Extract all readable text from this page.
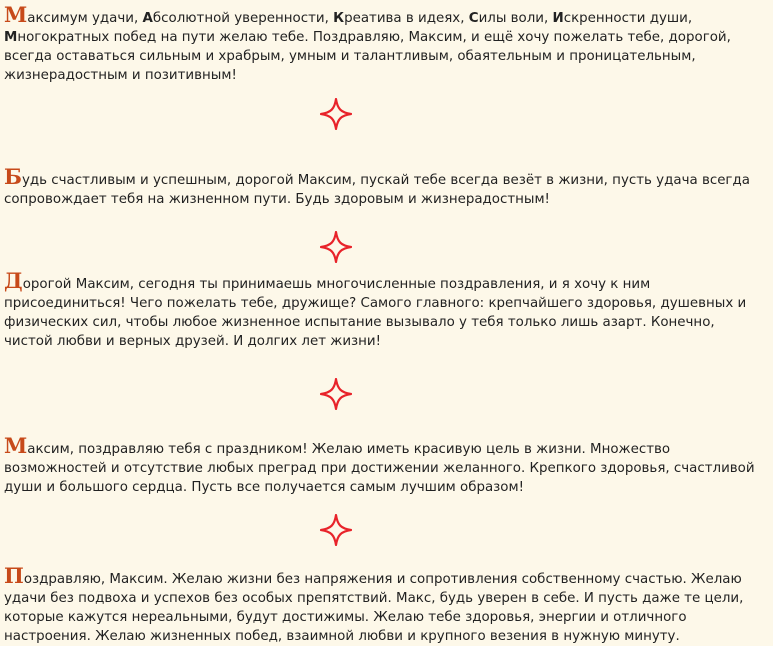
Максимум удачи, Абсолютной уверенности, Креатива в идеях, Силы воли, Искренности души, Многократных побед на пути желаю тебе. Поздравляю, Максим, и ещё хочу пожелать тебе, дорогой, всегда оставаться сильным и храбрым, умным и талантливым, обаятельным и проницательным, жизнерадостным и позитивным!

Будь счастливым и успешным, дорогой Максим, пускай тебе всегда везёт в жизни, пусть удача всегда сопровождает тебя на жизненном пути. Будь здоровым и жизнерадостным!

Дорогой Максим, сегодня ты принимаешь многочисленные поздравления, и я хочу к ним присоединиться! Чего пожелать тебе, дружище? Самого главного: крепчайшего здоровья, душевных и физических сил, чтобы любое жизненное испытание вызывало у тебя только лишь азарт. Конечно, чистой любви и верных друзей. И долгих лет жизни!

Максим, поздравляю тебя с праздником! Желаю иметь красивую цель в жизни. Множество возможностей и отсутствие любых преград при достижении желанного. Крепкого здоровья, счастливой души и большого сердца. Пусть все получается самым лучшим образом!

Поздравляю, Максим. Желаю жизни без напряжения и сопротивления собственному счастью. Желаю удачи без подвоха и успехов без особых препятствий. Макс, будь уверен в себе. И пусть даже те цели, которые кажутся нереальными, будут достижимы. Желаю тебе здоровья, энергии и отличного настроения. Желаю жизненных побед, взаимной любви и крупного везения в нужную минуту.
